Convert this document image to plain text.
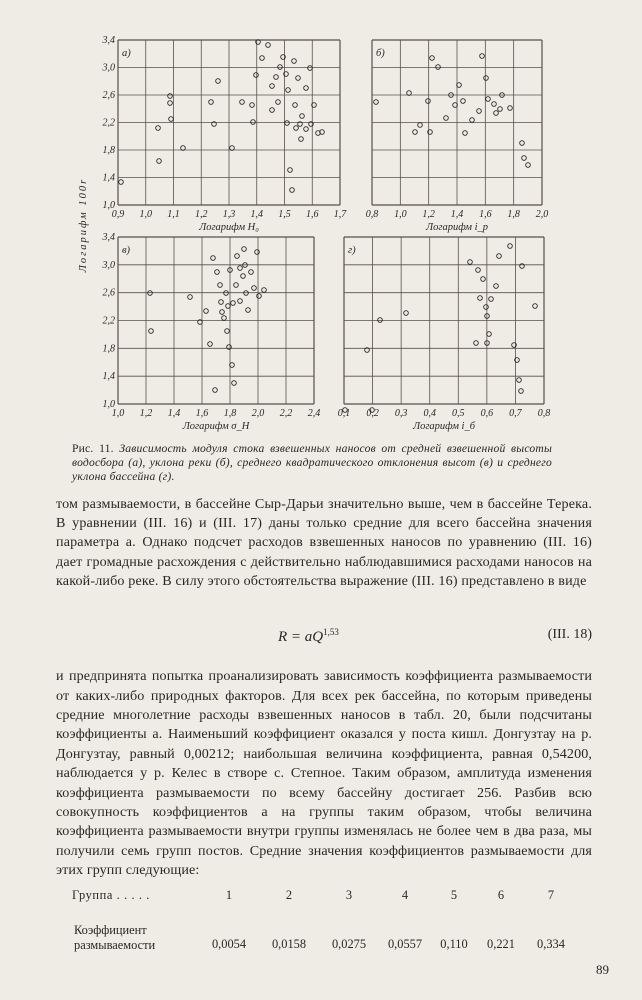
а)
0,9 1,0 1,1 1,2 1,3 1,4 1,5 1,6 1,7
Логарифм H₀
1,0
1,4
1,8
2,2
2,6
3,0
3,4
б)
0,8 1,0 1,2 1,4 1,6 1,8 2,0
Логарифм i_p
в)
1,0 1,2 1,4 1,6 1,8 2,0 2,2 2,4
Логарифм σ_H
1,0
1,4
1,8
2,2
2,6
3,0
3,4
г)
0,1 0,2 0,3 0,4 0,5 0,6 0,7 0,8
Логарифм i_б
Логарифм 100r
Рис. 11. Зависимость модуля стока взвешенных наносов от средней взвешенной высоты водосбора (а), уклона реки (б), среднего квадратического отклонения высот (в) и среднего уклона бассейна (г).

том размываемости, в бассейне Сыр-Дарьи значительно выше, чем в бассейне Терека. В уравнении (III. 16) и (III. 17) даны только средние для всего бассейна значения параметра a. Однако подсчет расходов взвешенных наносов по уравнению (III. 16) дает громадные расхождения с действительно наблюдавшимися расходами наносов на какой-либо реке. В силу этого обстоятельства выражение (III. 16) представлено в виде

R = aQ$^{1,53}$	(III. 18)

и предпринята попытка проанализировать зависимость коэффициента размываемости от каких-либо природных факторов. Для всех рек бассейна, по которым приведены средние многолетние расходы взвешенных наносов в табл. 20, были подсчитаны коэффициенты a. Наименьший коэффициент оказался у поста кишл. Донгузтау на р. Донгузтау, равный 0,00212; наибольшая величина коэффициента, равная 0,54200, наблюдается у р. Келес в створе с. Степное. Таким образом, амплитуда изменения коэффициента размываемости по всему бассейну достигает 256. Разбив всю совокупность коэффициентов a на группы таким образом, чтобы величина коэффициента размываемости внутри группы изменялась не более чем в два раза, мы получили семь групп постов. Средние значения коэффициентов размываемости для этих групп следующие:

Группа . . . . .	1	2	3	4	5	6	7
Коэффициент размываемости	0,0054	0,0158	0,0275	0,0557	0,110	0,221	0,334
89
